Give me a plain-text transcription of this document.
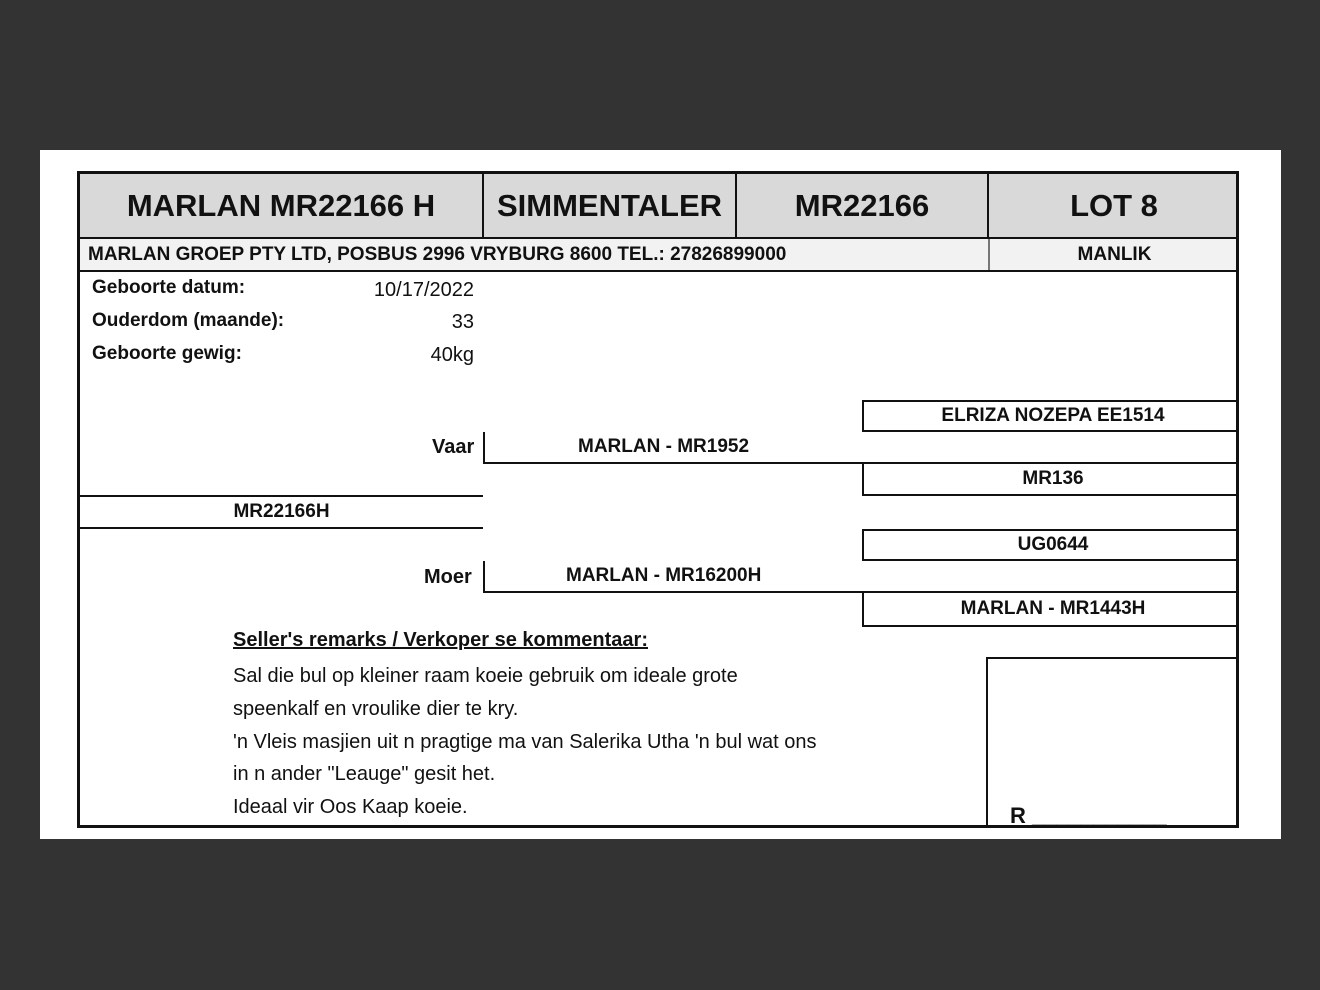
MARLAN MR22166 H	SIMMENTALER	MR22166	LOT 8
MARLAN GROEP PTY LTD, POSBUS 2996 VRYBURG 8600 TEL.: 27826899000	MANLIK
Geboorte datum:	10/17/2022
Ouderdom (maande):	33
Geboorte gewig:	40kg
ELRIZA NOZEPA EE1514
Vaar	MARLAN - MR1952
MR136
MR22166H
UG0644
Moer	MARLAN - MR16200H
MARLAN - MR1443H
Seller's remarks / Verkoper se kommentaar:
Sal die bul op kleiner raam koeie gebruik om ideale grote
speenkalf en vroulike dier te kry.
'n Vleis masjien uit n pragtige ma van Salerika Utha 'n bul wat ons
in n ander "Leauge" gesit het.
Ideaal vir Oos Kaap koeie.	R ___________
